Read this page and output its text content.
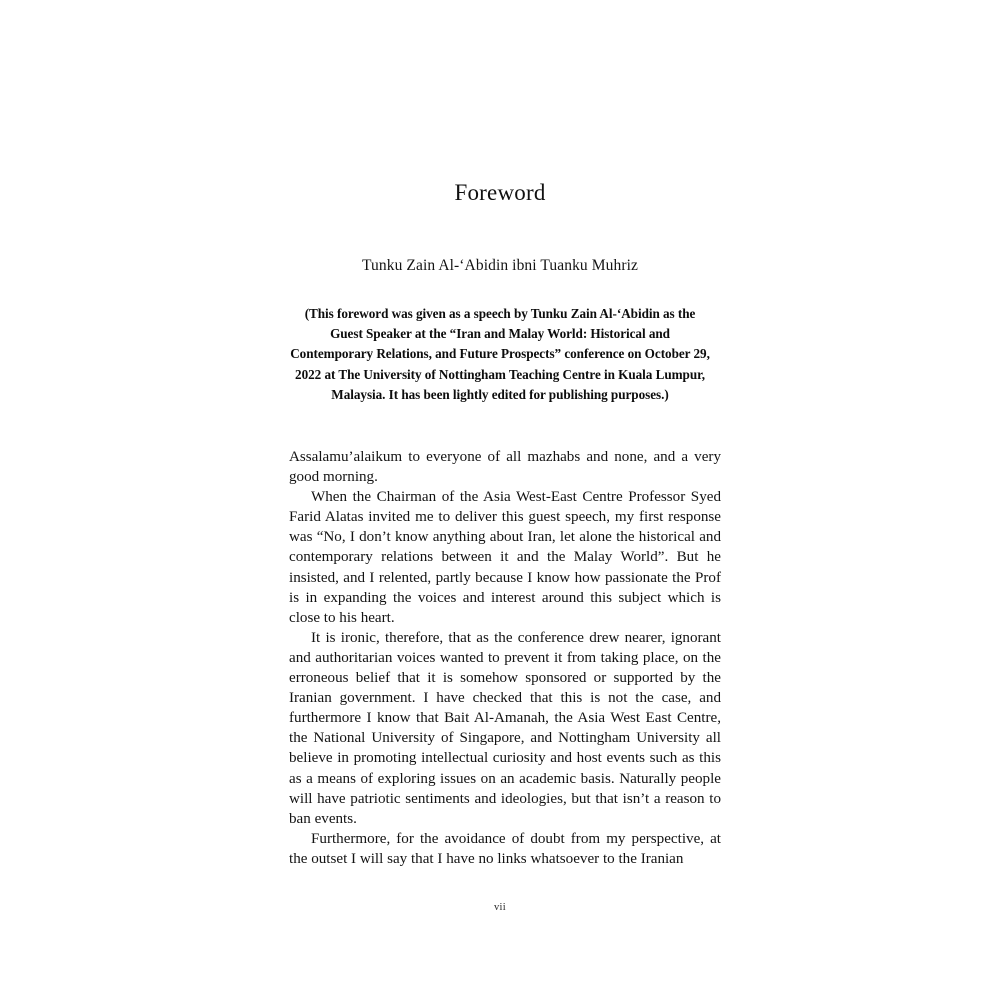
Foreword
Tunku Zain Al-‘Abidin ibni Tuanku Muhriz
(This foreword was given as a speech by Tunku Zain Al-‘Abidin as the Guest Speaker at the “Iran and Malay World: Historical and Contemporary Relations, and Future Prospects” conference on October 29, 2022 at The University of Nottingham Teaching Centre in Kuala Lumpur, Malaysia. It has been lightly edited for publishing purposes.)

Assalamu’alaikum to everyone of all mazhabs and none, and a very good morning.

When the Chairman of the Asia West-East Centre Professor Syed Farid Alatas invited me to deliver this guest speech, my first response was “No, I don’t know anything about Iran, let alone the historical and contemporary relations between it and the Malay World”. But he insisted, and I relented, partly because I know how passionate the Prof is in expanding the voices and interest around this subject which is close to his heart.

It is ironic, therefore, that as the conference drew nearer, ignorant and authoritarian voices wanted to prevent it from taking place, on the erroneous belief that it is somehow sponsored or supported by the Iranian government. I have checked that this is not the case, and furthermore I know that Bait Al-Amanah, the Asia West East Centre, the National University of Singapore, and Nottingham University all believe in promoting intellectual curiosity and host events such as this as a means of exploring issues on an academic basis. Naturally people will have patriotic sentiments and ideologies, but that isn’t a reason to ban events.

Furthermore, for the avoidance of doubt from my perspective, at the outset I will say that I have no links whatsoever to the Iranian

vii
